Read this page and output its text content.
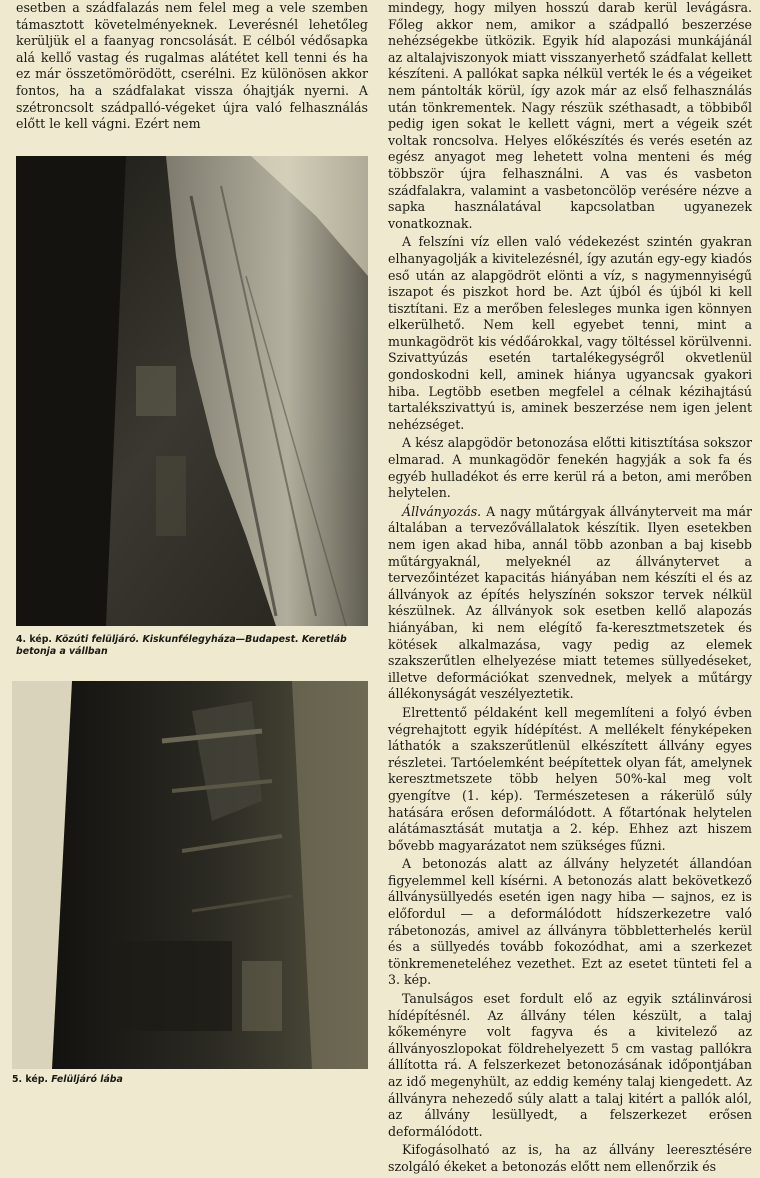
esetben a szádfalazás nem felel meg a vele szemben támasztott követelményeknek. Leverésnél lehetőleg kerüljük el a faanyag roncsolását. E célból védősapka alá kellő vastag és rugalmas alátétet kell tenni és ha ez már összetömörödött, cserélni. Ez különösen akkor fontos, ha a szádfalakat vissza óhajtják nyerni. A szétroncsolt szádpalló-végeket újra való felhasználás előtt le kell vágni. Ezért nem

4. kép. Közúti felüljáró. Kiskunfélegyháza—Budapest. Keretláb betonja a vállban
5. kép. Felüljáró lába

mindegy, hogy milyen hosszú darab kerül levágásra. Főleg akkor nem, amikor a szádpalló beszerzése nehézségekbe ütközik. Egyik híd alapozási munkájánál az altalajviszonyok miatt visszanyerhető szádfalat kellett készíteni. A pallókat sapka nélkül verték le és a végeiket nem pántolták körül, így azok már az első felhasználás után tönkrementek. Nagy részük széthasadt, a többiből pedig igen sokat le kellett vágni, mert a végeik szét voltak roncsolva. Helyes előkészítés és verés esetén az egész anyagot meg lehetett volna menteni és még többször újra felhasználni. A vas és vasbeton szádfalakra, valamint a vasbetoncölöp verésére nézve a sapka használatával kapcsolatban ugyanezek vonatkoznak.

A felszíni víz ellen való védekezést szintén gyakran elhanyagolják a kivitelezésnél, így azután egy-egy kiadós eső után az alapgödröt elönti a víz, s nagymennyiségű iszapot és piszkot hord be. Azt újból és újból ki kell tisztítani. Ez a merőben felesleges munka igen könnyen elkerülhető. Nem kell egyebet tenni, mint a munkagödröt kis védőárokkal, vagy töltéssel körülvenni. Szivattyúzás esetén tartalékegységről okvetlenül gondoskodni kell, aminek hiánya ugyancsak gyakori hiba. Legtöbb esetben megfelel a célnak kézihajtású tartalékszivattyú is, aminek beszerzése nem igen jelent nehézséget.

A kész alapgödör betonozása előtti kitisztítása sokszor elmarad. A munkagödör fenekén hagyják a sok fa és egyéb hulladékot és erre kerül rá a beton, ami merőben helytelen.

Állványozás. A nagy műtárgyak állványterveit ma már általában a tervezővállalatok készítik. Ilyen esetekben nem igen akad hiba, annál több azonban a baj kisebb műtárgyaknál, melyeknél az állványtervet a tervezőintézet kapacitás hiányában nem készíti el és az állványok az építés helyszínén sokszor tervek nélkül készülnek. Az állványok sok esetben kellő alapozás hiányában, ki nem elégítő fa-keresztmetszetek és kötések alkalmazása, vagy pedig az elemek szakszerűtlen elhelyezése miatt tetemes süllyedéseket, illetve deformációkat szenvednek, melyek a műtárgy állékonyságát veszélyeztetik.

Elrettentő példaként kell megemlíteni a folyó évben végrehajtott egyik hídépítést. A mellékelt fényképeken láthatók a szakszerűtlenül elkészített állvány egyes részletei. Tartóelemként beépítettek olyan fát, amelynek keresztmetszete több helyen 50%-kal meg volt gyengítve (1. kép). Természetesen a rákerülő súly hatására erősen deformálódott. A főtartónak helytelen alátámasztását mutatja a 2. kép. Ehhez azt hiszem bővebb magyarázatot nem szükséges fűzni.

A betonozás alatt az állvány helyzetét állandóan figyelemmel kell kísérni. A betonozás alatt bekövetkező állványsüllyedés esetén igen nagy hiba — sajnos, ez is előfordul — a deformálódott hídszerkezetre való rábetonozás, amivel az állványra többletterhelés kerül és a süllyedés tovább fokozódhat, ami a szerkezet tönkremeneteléhez vezethet. Ezt az esetet tünteti fel a 3. kép.

Tanulságos eset fordult elő az egyik sztálinvárosi hídépítésnél. Az állvány télen készült, a talaj kőkeményre volt fagyva és a kivitelező az állványoszlopokat földrehelyezett 5 cm vastag pallókra állította rá. A felszerkezet betonozásának időpontjában az idő megenyhült, az eddig kemény talaj kiengedett. Az állványra nehezedő súly alatt a talaj kitért a pallók alól, az állvány lesüllyedt, a felszerkezet erősen deformálódott.

Kifogásolható az is, ha az állvány leeresztésére szolgáló ékeket a betonozás előtt nem ellenőrzik és
